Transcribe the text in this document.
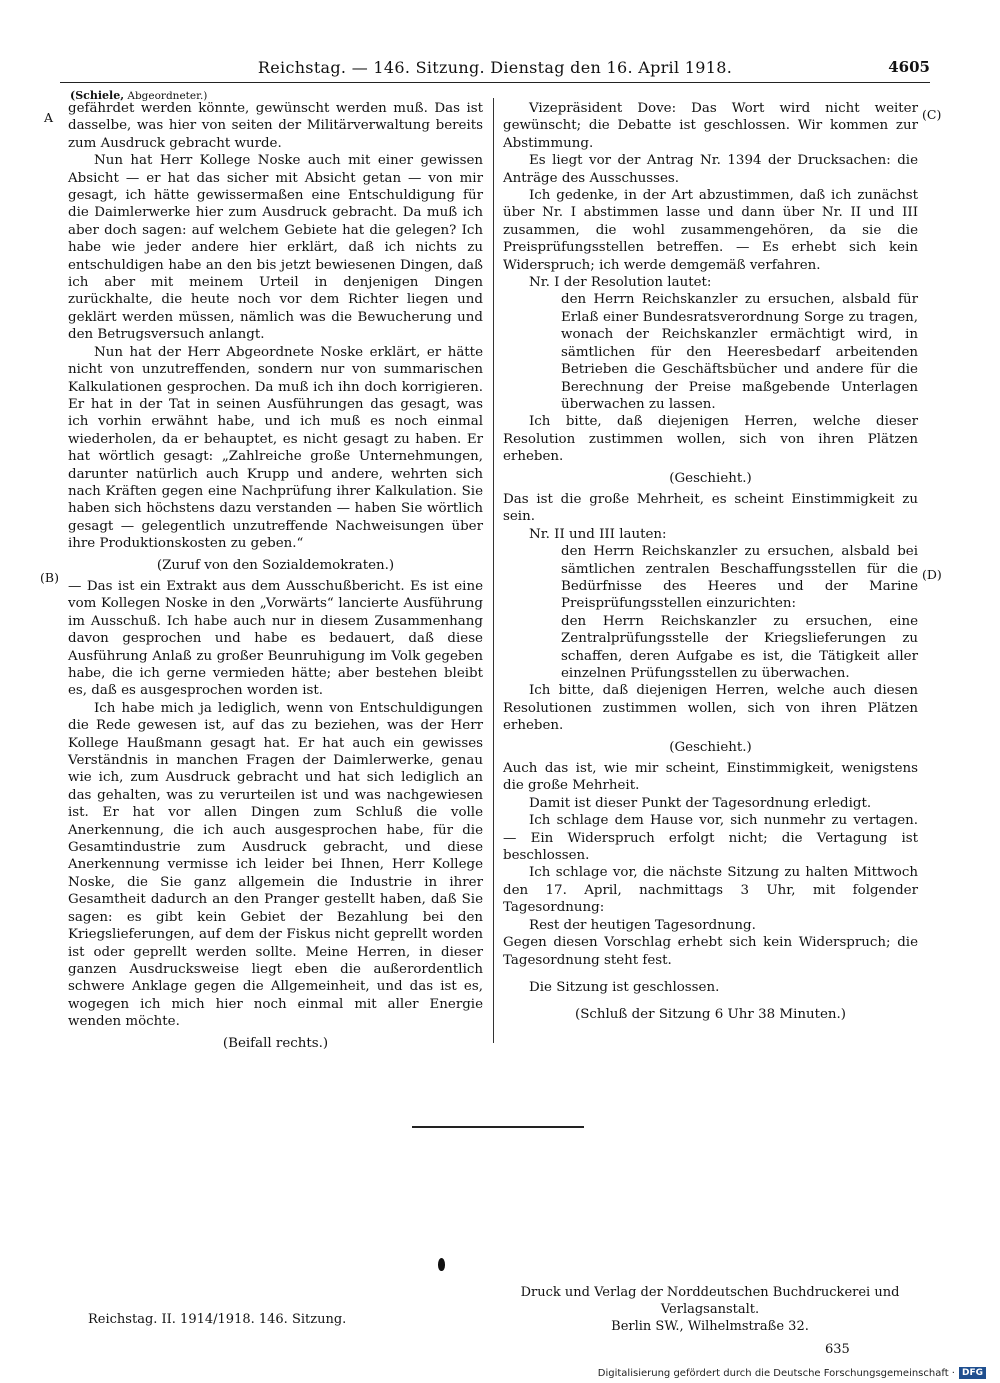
Reichstag. — 146. Sitzung. Dienstag den 16. April 1918.	4605
(Schiele, Abgeordneter.)
A
(B)
(C)
(D)

gefährdet werden könnte, gewünscht werden muß. Das ist dasselbe, was hier von seiten der Militärverwaltung bereits zum Ausdruck gebracht wurde.

Nun hat Herr Kollege Noske auch mit einer gewissen Absicht — er hat das sicher mit Absicht getan — von mir gesagt, ich hätte gewissermaßen eine Entschuldigung für die Daimlerwerke hier zum Ausdruck gebracht. Da muß ich aber doch sagen: auf welchem Gebiete hat die gelegen? Ich habe wie jeder andere hier erklärt, daß ich nichts zu entschuldigen habe an den bis jetzt bewiesenen Dingen, daß ich aber mit meinem Urteil in denjenigen Dingen zurückhalte, die heute noch vor dem Richter liegen und geklärt werden müssen, nämlich was die Bewucherung und den Betrugsversuch anlangt.

Nun hat der Herr Abgeordnete Noske erklärt, er hätte nicht von unzutreffenden, sondern nur von summarischen Kalkulationen gesprochen. Da muß ich ihn doch korrigieren. Er hat in der Tat in seinen Ausführungen das gesagt, was ich vorhin erwähnt habe, und ich muß es noch einmal wiederholen, da er behauptet, es nicht gesagt zu haben. Er hat wörtlich gesagt: „Zahlreiche große Unternehmungen, darunter natürlich auch Krupp und andere, wehrten sich nach Kräften gegen eine Nachprüfung ihrer Kalkulation. Sie haben sich höchstens dazu verstanden — haben Sie wörtlich gesagt — gelegentlich unzutreffende Nachweisungen über ihre Produktionskosten zu geben.“

(Zuruf von den Sozialdemokraten.)

— Das ist ein Extrakt aus dem Ausschußbericht. Es ist eine vom Kollegen Noske in den „Vorwärts“ lancierte Ausführung im Ausschuß. Ich habe auch nur in diesem Zusammenhang davon gesprochen und habe es bedauert, daß diese Ausführung Anlaß zu großer Beunruhigung im Volk gegeben habe, die ich gerne vermieden hätte; aber bestehen bleibt es, daß es ausgesprochen worden ist.

Ich habe mich ja lediglich, wenn von Entschuldigungen die Rede gewesen ist, auf das zu beziehen, was der Herr Kollege Haußmann gesagt hat. Er hat auch ein gewisses Verständnis in manchen Fragen der Daimlerwerke, genau wie ich, zum Ausdruck gebracht und hat sich lediglich an das gehalten, was zu verurteilen ist und was nachgewiesen ist. Er hat vor allen Dingen zum Schluß die volle Anerkennung, die ich auch ausgesprochen habe, für die Gesamtindustrie zum Ausdruck gebracht, und diese Anerkennung vermisse ich leider bei Ihnen, Herr Kollege Noske, die Sie ganz allgemein die Industrie in ihrer Gesamtheit dadurch an den Pranger gestellt haben, daß Sie sagen: es gibt kein Gebiet der Bezahlung bei den Kriegslieferungen, auf dem der Fiskus nicht geprellt worden ist oder geprellt werden sollte. Meine Herren, in dieser ganzen Ausdrucksweise liegt eben die außerordentlich schwere Anklage gegen die Allgemeinheit, und das ist es, wogegen ich mich hier noch einmal mit aller Energie wenden möchte.

(Beifall rechts.)

Vizepräsident Dove: Das Wort wird nicht weiter gewünscht; die Debatte ist geschlossen. Wir kommen zur Abstimmung.

Es liegt vor der Antrag Nr. 1394 der Drucksachen: die Anträge des Ausschusses.

Ich gedenke, in der Art abzustimmen, daß ich zunächst über Nr. I abstimmen lasse und dann über Nr. II und III zusammen, die wohl zusammengehören, da sie die Preisprüfungsstellen betreffen. — Es erhebt sich kein Widerspruch; ich werde demgemäß verfahren.

Nr. I der Resolution lautet:

den Herrn Reichskanzler zu ersuchen, alsbald für Erlaß einer Bundesratsverordnung Sorge zu tragen, wonach der Reichskanzler ermächtigt wird, in sämtlichen für den Heeresbedarf arbeitenden Betrieben die Geschäftsbücher und andere für die Berechnung der Preise maßgebende Unterlagen überwachen zu lassen.

Ich bitte, daß diejenigen Herren, welche dieser Resolution zustimmen wollen, sich von ihren Plätzen erheben.

(Geschieht.)

Das ist die große Mehrheit, es scheint Einstimmigkeit zu sein.

Nr. II und III lauten:

den Herrn Reichskanzler zu ersuchen, alsbald bei sämtlichen zentralen Beschaffungsstellen für die Bedürfnisse des Heeres und der Marine Preisprüfungsstellen einzurichten:

den Herrn Reichskanzler zu ersuchen, eine Zentralprüfungsstelle der Kriegslieferungen zu schaffen, deren Aufgabe es ist, die Tätigkeit aller einzelnen Prüfungsstellen zu überwachen.

Ich bitte, daß diejenigen Herren, welche auch diesen Resolutionen zustimmen wollen, sich von ihren Plätzen erheben.

(Geschieht.)

Auch das ist, wie mir scheint, Einstimmigkeit, wenigstens die große Mehrheit.

Damit ist dieser Punkt der Tagesordnung erledigt.

Ich schlage dem Hause vor, sich nunmehr zu vertagen. — Ein Widerspruch erfolgt nicht; die Vertagung ist beschlossen.

Ich schlage vor, die nächste Sitzung zu halten Mittwoch den 17. April, nachmittags 3 Uhr, mit folgender Tagesordnung:

Rest der heutigen Tagesordnung.

Gegen diesen Vorschlag erhebt sich kein Widerspruch; die Tagesordnung steht fest.

Die Sitzung ist geschlossen.

(Schluß der Sitzung 6 Uhr 38 Minuten.)

Reichstag. II. 1914/1918. 146. Sitzung.
Druck und Verlag der Norddeutschen Buchdruckerei und Verlagsanstalt.
Berlin SW., Wilhelmstraße 32.
635
Digitalisierung gefördert durch die Deutsche Forschungsgemeinschaft · DFG
